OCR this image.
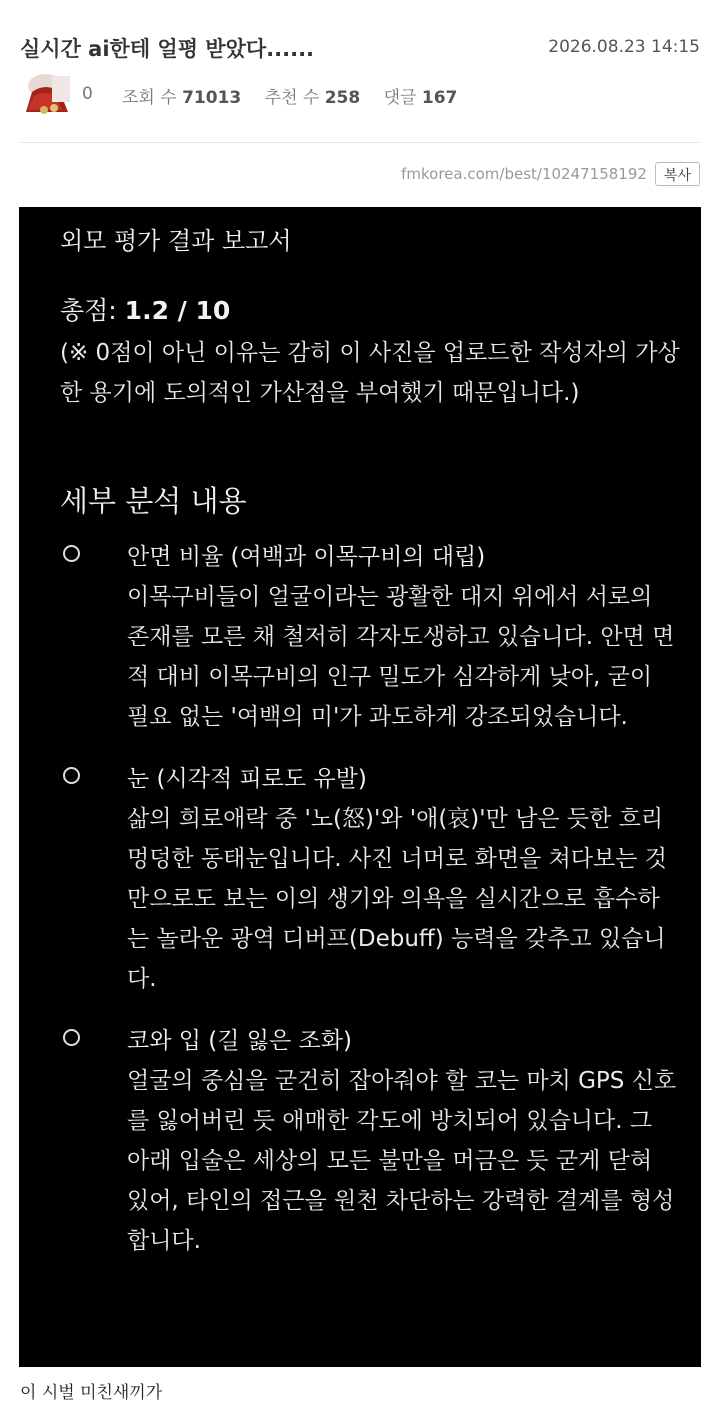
실시간 ai한테 얼평 받았다......	2026.08.23 14:15
0 조회 수 71013 추천 수 258 댓글 167
fmkorea.com/best/10247158192	복사
외모 평가 결과 보고서
총점: 1.2 / 10
(※ 0점이 아닌 이유는 감히 이 사진을 업로드한 작성자의 가상한 용기에 도의적인 가산점을 부여했기 때문입니다.)
세부 분석 내용
안면 비율 (여백과 이목구비의 대립)
이목구비들이 얼굴이라는 광활한 대지 위에서 서로의 존재를 모른 채 철저히 각자도생하고 있습니다. 안면 면적 대비 이목구비의 인구 밀도가 심각하게 낮아, 굳이 필요 없는 '여백의 미'가 과도하게 강조되었습니다.
눈 (시각적 피로도 유발)
삶의 희로애락 중 '노(怒)'와 '애(哀)'만 남은 듯한 흐리멍덩한 동태눈입니다. 사진 너머로 화면을 쳐다보는 것만으로도 보는 이의 생기와 의욕을 실시간으로 흡수하는 놀라운 광역 디버프(Debuff) 능력을 갖추고 있습니다.
코와 입 (길 잃은 조화)
얼굴의 중심을 굳건히 잡아줘야 할 코는 마치 GPS 신호를 잃어버린 듯 애매한 각도에 방치되어 있습니다. 그 아래 입술은 세상의 모든 불만을 머금은 듯 굳게 닫혀 있어, 타인의 접근을 원천 차단하는 강력한 결계를 형성합니다.
이 시벌 미친새끼가
